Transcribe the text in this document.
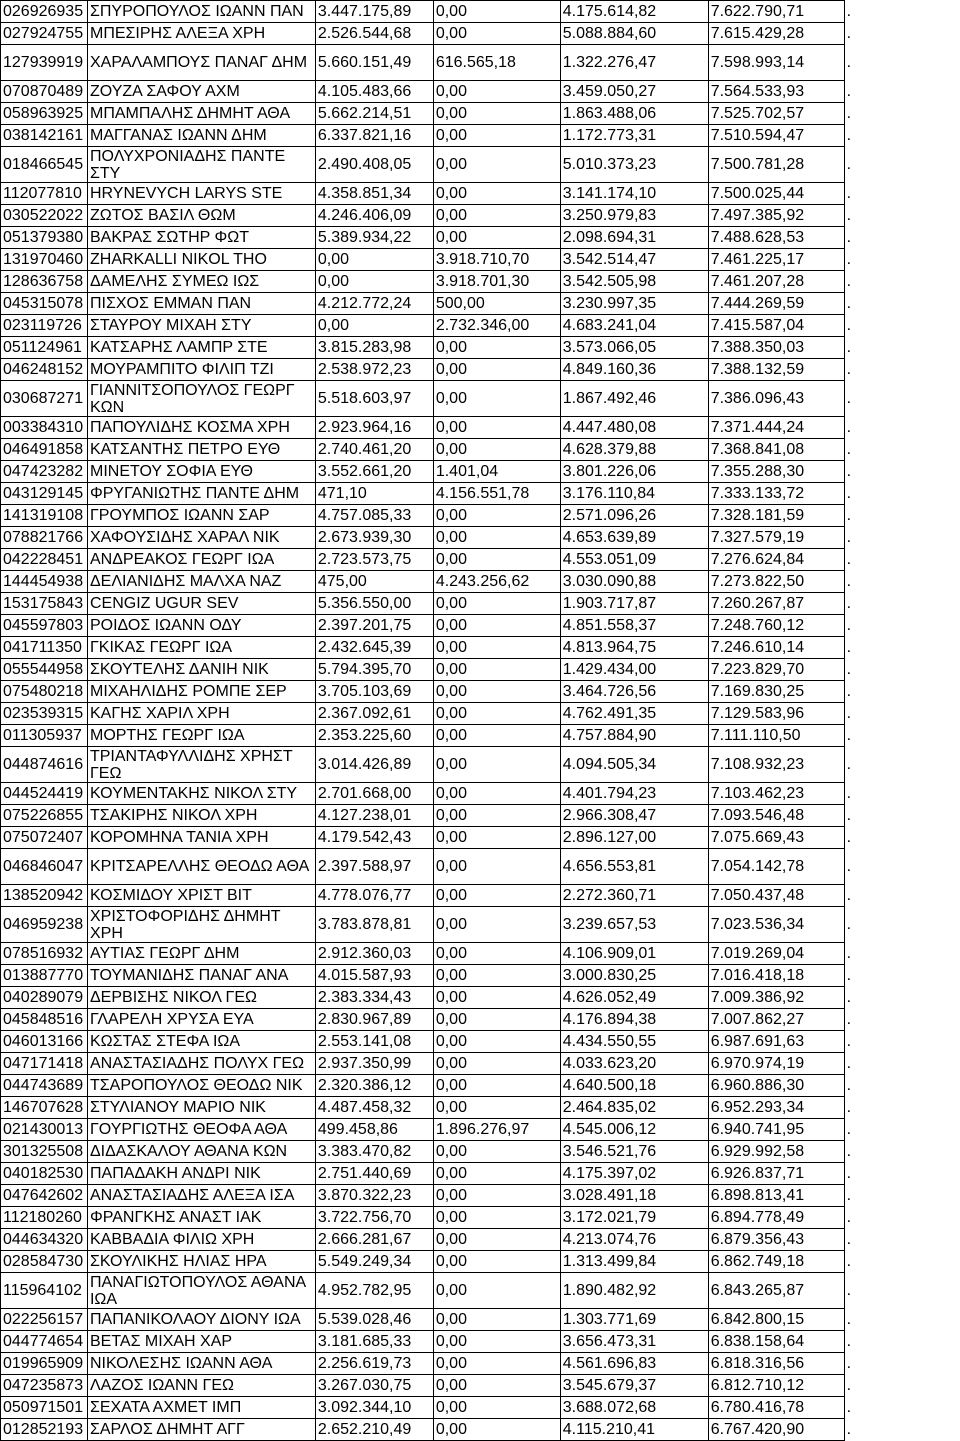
026926935	ΣΠΥΡΟΠΟΥΛΟΣ ΙΩΑΝΝ ΠΑΝ	3.447.175,89	0,00	4.175.614,82	7.622.790,71	.
027924755	ΜΠΕΣΙΡΗΣ ΑΛΕΞΑ ΧΡΗ	2.526.544,68	0,00	5.088.884,60	7.615.429,28	.
127939919	ΧΑΡΑΛΑΜΠΟΥΣ ΠΑΝΑΓ ΔΗΜ	5.660.151,49	616.565,18	1.322.276,47	7.598.993,14	.
070870489	ΖΟΥΖΑ ΣΑΦΟΥ ΑΧΜ	4.105.483,66	0,00	3.459.050,27	7.564.533,93	.
058963925	ΜΠΑΜΠΑΛΗΣ ΔΗΜΗΤ ΑΘΑ	5.662.214,51	0,00	1.863.488,06	7.525.702,57	.
038142161	ΜΑΓΓΑΝΑΣ ΙΩΑΝΝ ΔΗΜ	6.337.821,16	0,00	1.172.773,31	7.510.594,47	.
018466545	ΠΟΛΥΧΡΟΝΙΑΔΗΣ ΠΑΝΤΕ ΣΤΥ	2.490.408,05	0,00	5.010.373,23	7.500.781,28	.
112077810	HRYNEVYCH LARYS STE	4.358.851,34	0,00	3.141.174,10	7.500.025,44	.
030522022	ΖΩΤΟΣ ΒΑΣΙΛ ΘΩΜ	4.246.406,09	0,00	3.250.979,83	7.497.385,92	.
051379380	ΒΑΚΡΑΣ ΣΩΤΗΡ ΦΩΤ	5.389.934,22	0,00	2.098.694,31	7.488.628,53	.
131970460	ZHARKALLI NIKOL THO	0,00	3.918.710,70	3.542.514,47	7.461.225,17	.
128636758	ΔΑΜΕΛΗΣ ΣΥΜΕΩ ΙΩΣ	0,00	3.918.701,30	3.542.505,98	7.461.207,28	.
045315078	ΠΙΣΧΟΣ ΕΜΜΑΝ ΠΑΝ	4.212.772,24	500,00	3.230.997,35	7.444.269,59	.
023119726	ΣΤΑΥΡΟΥ ΜΙΧΑΗ ΣΤΥ	0,00	2.732.346,00	4.683.241,04	7.415.587,04	.
051124961	ΚΑΤΣΑΡΗΣ ΛΑΜΠΡ ΣΤΕ	3.815.283,98	0,00	3.573.066,05	7.388.350,03	.
046248152	ΜΟΥΡΑΜΠΙΤΟ ΦΙΛΙΠ ΤΖΙ	2.538.972,23	0,00	4.849.160,36	7.388.132,59	.
030687271	ΓΙΑΝΝΙΤΣΟΠΟΥΛΟΣ ΓΕΩΡΓ ΚΩΝ	5.518.603,97	0,00	1.867.492,46	7.386.096,43	.
003384310	ΠΑΠΟΥΛΙΔΗΣ ΚΟΣΜΑ ΧΡΗ	2.923.964,16	0,00	4.447.480,08	7.371.444,24	.
046491858	ΚΑΤΣΑΝΤΗΣ ΠΕΤΡΟ ΕΥΘ	2.740.461,20	0,00	4.628.379,88	7.368.841,08	.
047423282	ΜΙΝΕΤΟΥ ΣΟΦΙΑ ΕΥΘ	3.552.661,20	1.401,04	3.801.226,06	7.355.288,30	.
043129145	ΦΡΥΓΑΝΙΩΤΗΣ ΠΑΝΤΕ ΔΗΜ	471,10	4.156.551,78	3.176.110,84	7.333.133,72	.
141319108	ΓΡΟΥΜΠΟΣ ΙΩΑΝΝ ΣΑΡ	4.757.085,33	0,00	2.571.096,26	7.328.181,59	.
078821766	ΧΑΦΟΥΣΙΔΗΣ ΧΑΡΑΛ ΝΙΚ	2.673.939,30	0,00	4.653.639,89	7.327.579,19	.
042228451	ΑΝΔΡΕΑΚΟΣ ΓΕΩΡΓ ΙΩΑ	2.723.573,75	0,00	4.553.051,09	7.276.624,84	.
144454938	ΔΕΛΙΑΝΙΔΗΣ ΜΑΛΧΑ ΝΑΖ	475,00	4.243.256,62	3.030.090,88	7.273.822,50	.
153175843	CENGIZ UGUR SEV	5.356.550,00	0,00	1.903.717,87	7.260.267,87	.
045597803	ΡΟΙΔΟΣ ΙΩΑΝΝ ΟΔΥ	2.397.201,75	0,00	4.851.558,37	7.248.760,12	.
041711350	ΓΚΙΚΑΣ ΓΕΩΡΓ ΙΩΑ	2.432.645,39	0,00	4.813.964,75	7.246.610,14	.
055544958	ΣΚΟΥΤΕΛΗΣ ΔΑΝΙΗ ΝΙΚ	5.794.395,70	0,00	1.429.434,00	7.223.829,70	.
075480218	ΜΙΧΑΗΛΙΔΗΣ ΡΟΜΠΕ ΣΕΡ	3.705.103,69	0,00	3.464.726,56	7.169.830,25	.
023539315	ΚΑΓΗΣ ΧΑΡΙΛ ΧΡΗ	2.367.092,61	0,00	4.762.491,35	7.129.583,96	.
011305937	ΜΟΡΤΗΣ ΓΕΩΡΓ ΙΩΑ	2.353.225,60	0,00	4.757.884,90	7.111.110,50	.
044874616	ΤΡΙΑΝΤΑΦΥΛΛΙΔΗΣ ΧΡΗΣΤ ΓΕΩ	3.014.426,89	0,00	4.094.505,34	7.108.932,23	.
044524419	ΚΟΥΜΕΝΤΑΚΗΣ ΝΙΚΟΛ ΣΤΥ	2.701.668,00	0,00	4.401.794,23	7.103.462,23	.
075226855	ΤΣΑΚΙΡΗΣ ΝΙΚΟΛ ΧΡΗ	4.127.238,01	0,00	2.966.308,47	7.093.546,48	.
075072407	ΚΟΡΟΜΗΝΑ ΤΑΝΙΑ ΧΡΗ	4.179.542,43	0,00	2.896.127,00	7.075.669,43	.
046846047	ΚΡΙΤΣΑΡΕΛΛΗΣ ΘΕΟΔΩ ΑΘΑ	2.397.588,97	0,00	4.656.553,81	7.054.142,78	.
138520942	ΚΟΣΜΙΔΟΥ ΧΡΙΣΤ ΒΙΤ	4.778.076,77	0,00	2.272.360,71	7.050.437,48	.
046959238	ΧΡΙΣΤΟΦΟΡΙΔΗΣ ΔΗΜΗΤ ΧΡΗ	3.783.878,81	0,00	3.239.657,53	7.023.536,34	.
078516932	ΑΥΤΙΑΣ ΓΕΩΡΓ ΔΗΜ	2.912.360,03	0,00	4.106.909,01	7.019.269,04	.
013887770	ΤΟΥΜΑΝΙΔΗΣ ΠΑΝΑΓ ΑΝΑ	4.015.587,93	0,00	3.000.830,25	7.016.418,18	.
040289079	ΔΕΡΒΙΣΗΣ ΝΙΚΟΛ ΓΕΩ	2.383.334,43	0,00	4.626.052,49	7.009.386,92	.
045848516	ΓΛΑΡΕΛΗ ΧΡΥΣΑ ΕΥΑ	2.830.967,89	0,00	4.176.894,38	7.007.862,27	.
046013166	ΚΩΣΤΑΣ ΣΤΕΦΑ ΙΩΑ	2.553.141,08	0,00	4.434.550,55	6.987.691,63	.
047171418	ΑΝΑΣΤΑΣΙΑΔΗΣ ΠΟΛΥΧ ΓΕΩ	2.937.350,99	0,00	4.033.623,20	6.970.974,19	.
044743689	ΤΣΑΡΟΠΟΥΛΟΣ ΘΕΟΔΩ ΝΙΚ	2.320.386,12	0,00	4.640.500,18	6.960.886,30	.
146707628	ΣΤΥΛΙΑΝΟΥ ΜΑΡΙΟ ΝΙΚ	4.487.458,32	0,00	2.464.835,02	6.952.293,34	.
021430013	ΓΟΥΡΓΙΩΤΗΣ ΘΕΟΦΑ ΑΘΑ	499.458,86	1.896.276,97	4.545.006,12	6.940.741,95	.
301325508	ΔΙΔΑΣΚΑΛΟΥ ΑΘΑΝΑ ΚΩΝ	3.383.470,82	0,00	3.546.521,76	6.929.992,58	.
040182530	ΠΑΠΑΔΑΚΗ ΑΝΔΡΙ ΝΙΚ	2.751.440,69	0,00	4.175.397,02	6.926.837,71	.
047642602	ΑΝΑΣΤΑΣΙΑΔΗΣ ΑΛΕΞΑ ΙΣΑ	3.870.322,23	0,00	3.028.491,18	6.898.813,41	.
112180260	ΦΡΑΝΓΚΗΣ ΑΝΑΣΤ ΙΑΚ	3.722.756,70	0,00	3.172.021,79	6.894.778,49	.
044634320	ΚΑΒΒΑΔΙΑ ΦΙΛΙΩ ΧΡΗ	2.666.281,67	0,00	4.213.074,76	6.879.356,43	.
028584730	ΣΚΟΥΛΙΚΗΣ ΗΛΙΑΣ ΗΡΑ	5.549.249,34	0,00	1.313.499,84	6.862.749,18	.
115964102	ΠΑΝΑΓΙΩΤΟΠΟΥΛΟΣ ΑΘΑΝΑ ΙΩΑ	4.952.782,95	0,00	1.890.482,92	6.843.265,87	.
022256157	ΠΑΠΑΝΙΚΟΛΑΟΥ ΔΙΟΝΥ ΙΩΑ	5.539.028,46	0,00	1.303.771,69	6.842.800,15	.
044774654	ΒΕΤΑΣ ΜΙΧΑΗ ΧΑΡ	3.181.685,33	0,00	3.656.473,31	6.838.158,64	.
019965909	ΝΙΚΟΛΕΣΗΣ ΙΩΑΝΝ ΑΘΑ	2.256.619,73	0,00	4.561.696,83	6.818.316,56	.
047235873	ΛΑΖΟΣ ΙΩΑΝΝ ΓΕΩ	3.267.030,75	0,00	3.545.679,37	6.812.710,12	.
050971501	ΣΕΧΑΤΑ ΑΧΜΕΤ ΙΜΠ	3.092.344,10	0,00	3.688.072,68	6.780.416,78	.
012852193	ΣΑΡΛΟΣ ΔΗΜΗΤ ΑΓΓ	2.652.210,49	0,00	4.115.210,41	6.767.420,90	.
